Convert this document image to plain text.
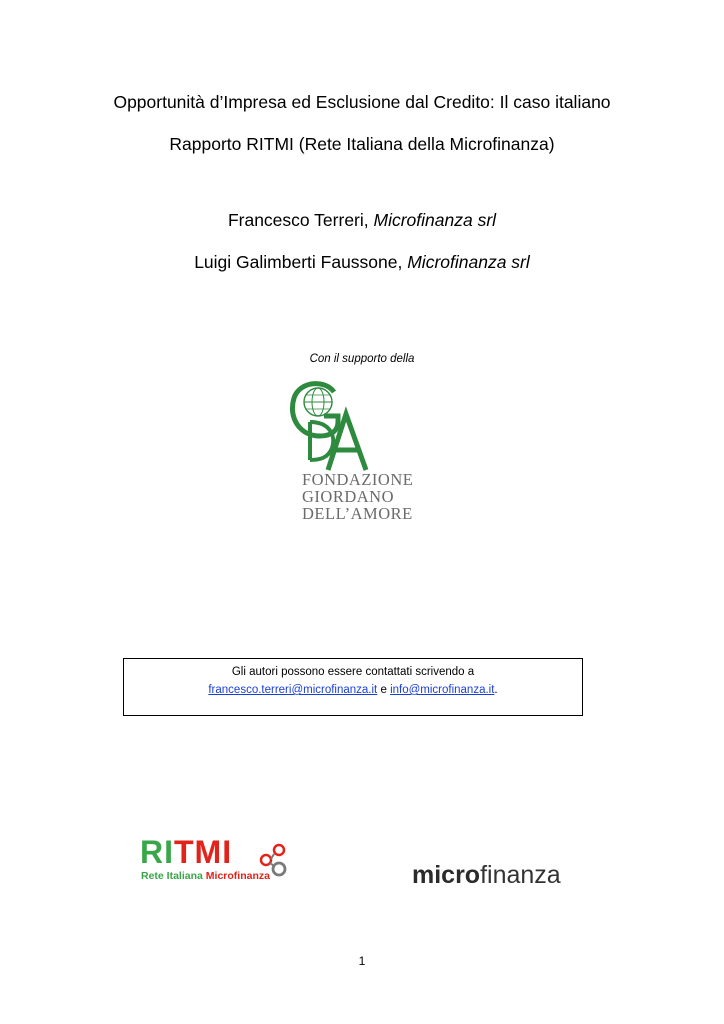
Opportunità d’Impresa ed Esclusione dal Credito: Il caso italiano
Rapporto RITMI (Rete Italiana della Microfinanza)
Francesco Terreri, Microfinanza srl
Luigi Galimberti Faussone, Microfinanza srl
Con il supporto della
FONDAZIONE
GIORDANO
DELL’AMORE
Gli autori possono essere contattati scrivendo a
francesco.terreri@microfinanza.it e info@microfinanza.it.
RITMI
Rete Italiana Microfinanza	microfinanza
1
